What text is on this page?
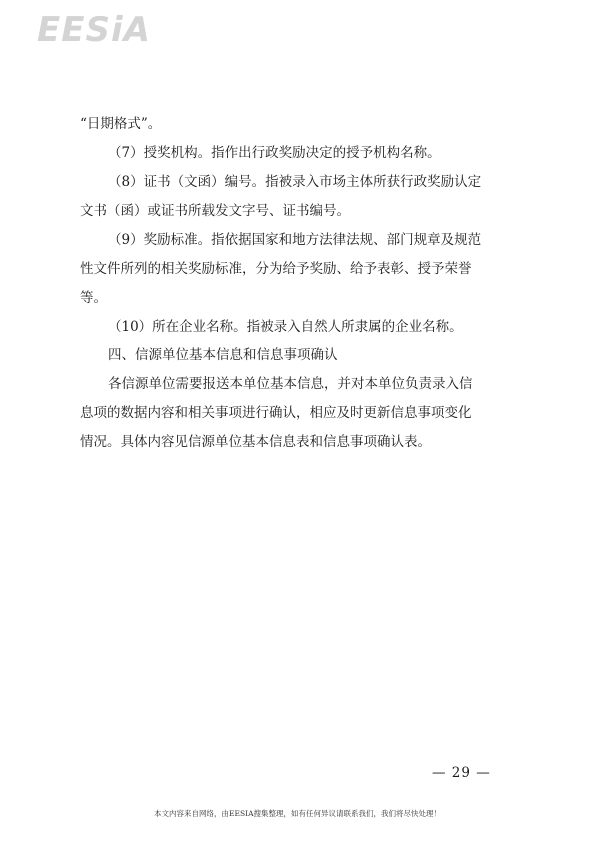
EESiA
“日期格式”。
（7）授奖机构。指作出行政奖励决定的授予机构名称。
（8）证书（文函）编号。指被录入市场主体所获行政奖励认定
文书（函）或证书所载发文字号、证书编号。
（9）奖励标准。指依据国家和地方法律法规、部门规章及规范
性文件所列的相关奖励标准，分为给予奖励、给予表彰、授予荣誉
等。
（10）所在企业名称。指被录入自然人所隶属的企业名称。
四、信源单位基本信息和信息事项确认
各信源单位需要报送本单位基本信息，并对本单位负责录入信
息项的数据内容和相关事项进行确认，相应及时更新信息事项变化
情况。具体内容见信源单位基本信息表和信息事项确认表。
— 29 —
本文内容来自网络，由EESIA搜集整理，如有任何异议请联系我们，我们将尽快处理！
